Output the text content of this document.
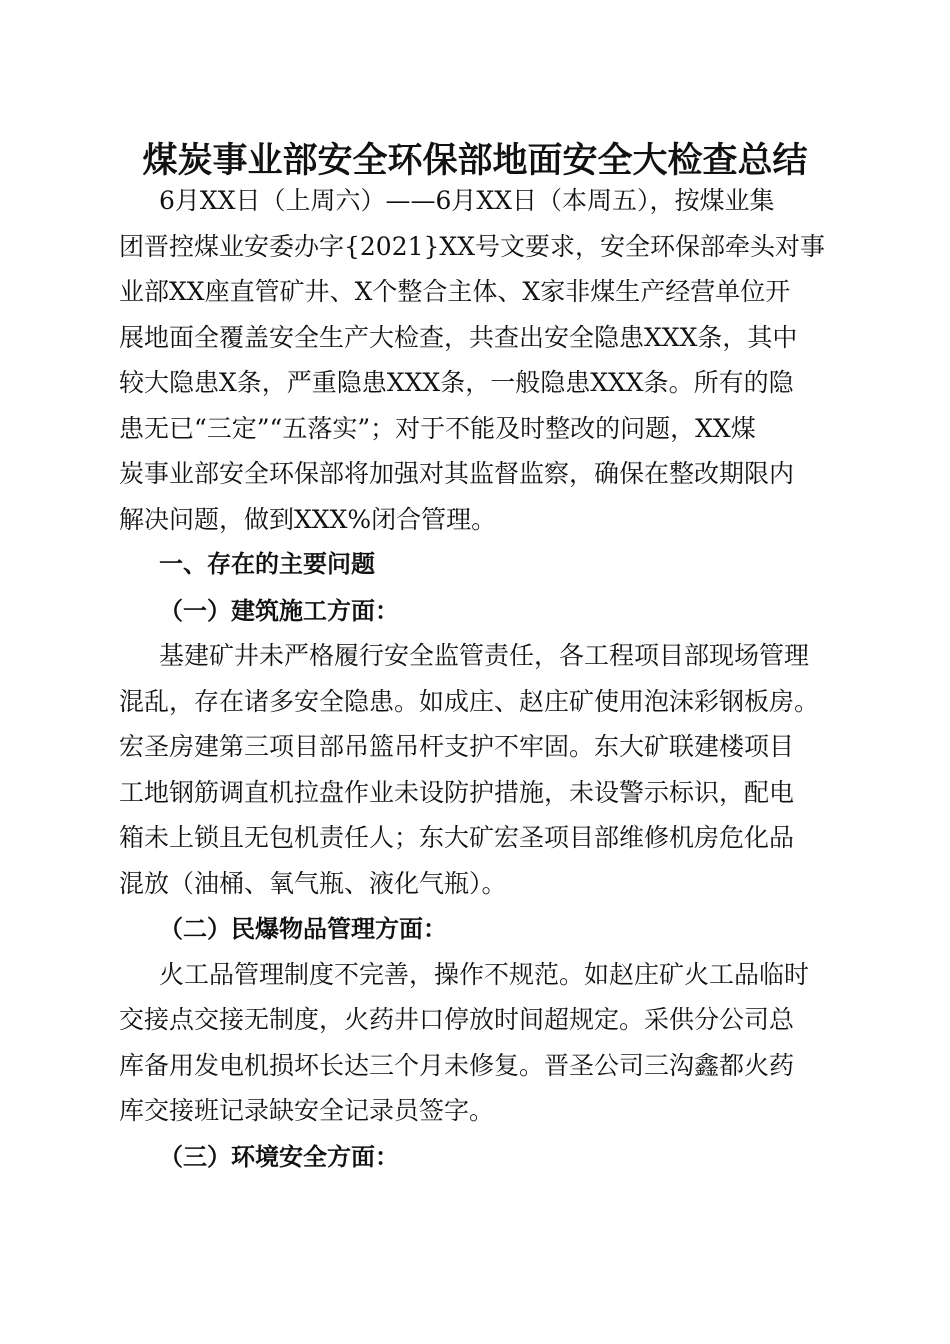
煤炭事业部安全环保部地面安全大检查总结
6月XX日（上周六）——6月XX日（本周五），按煤业集
团晋控煤业安委办字{2021}XX号文要求，安全环保部牵头对事
业部XX座直管矿井、X个整合主体、X家非煤生产经营单位开
展地面全覆盖安全生产大检查，共查出安全隐患XXX条，其中
较大隐患X条，严重隐患XXX条，一般隐患XXX条。所有的隐
患无已“三定”“五落实”；对于不能及时整改的问题，XX煤
炭事业部安全环保部将加强对其监督监察，确保在整改期限内
解决问题，做到XXX%闭合管理。
一、存在的主要问题
（一）建筑施工方面：
基建矿井未严格履行安全监管责任，各工程项目部现场管理
混乱，存在诸多安全隐患。如成庄、赵庄矿使用泡沫彩钢板房。
宏圣房建第三项目部吊篮吊杆支护不牢固。东大矿联建楼项目
工地钢筋调直机拉盘作业未设防护措施，未设警示标识，配电
箱未上锁且无包机责任人；东大矿宏圣项目部维修机房危化品
混放（油桶、氧气瓶、液化气瓶）。
（二）民爆物品管理方面：
火工品管理制度不完善，操作不规范。如赵庄矿火工品临时
交接点交接无制度，火药井口停放时间超规定。采供分公司总
库备用发电机损坏长达三个月未修复。晋圣公司三沟鑫都火药
库交接班记录缺安全记录员签字。
（三）环境安全方面：
